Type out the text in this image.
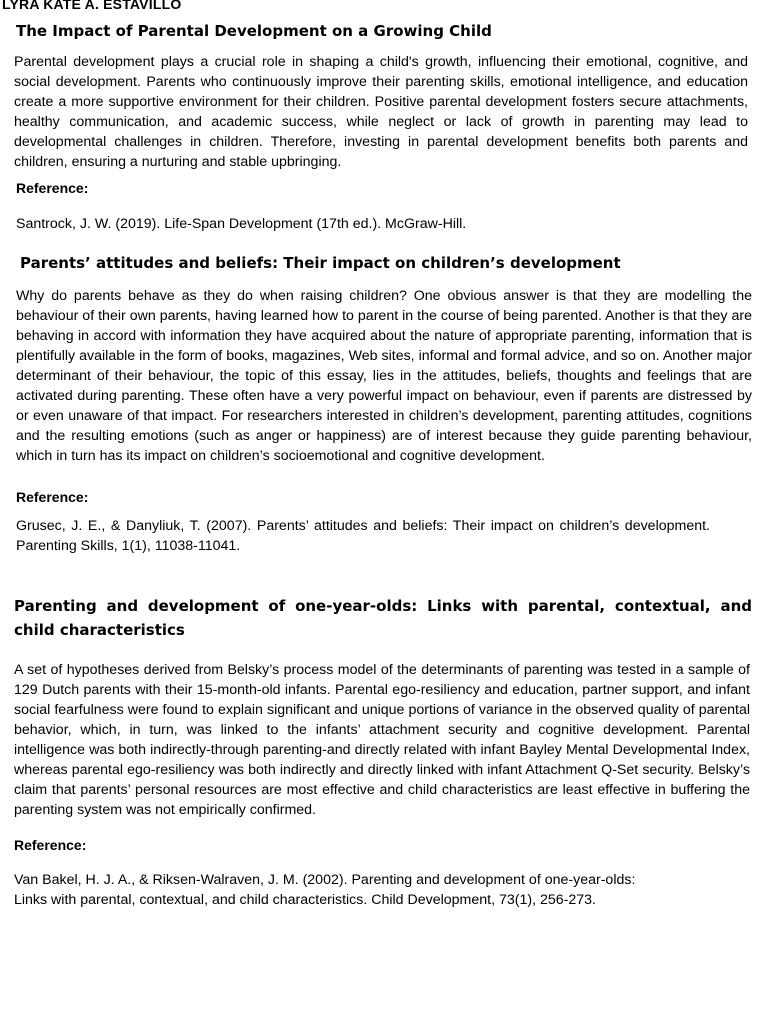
LYRA KATE A. ESTAVILLO
The Impact of Parental Development on a Growing Child

Parental development plays a crucial role in shaping a child's growth, influencing their emotional, cognitive, and social development. Parents who continuously improve their parenting skills, emotional intelligence, and education create a more supportive environment for their children. Positive parental development fosters secure attachments, healthy communication, and academic success, while neglect or lack of growth in parenting may lead to developmental challenges in children. Therefore, investing in parental development benefits both parents and children, ensuring a nurturing and stable upbringing.

Reference:

Santrock, J. W. (2019). Life-Span Development (17th ed.). McGraw-Hill.

Parents’ attitudes and beliefs: Their impact on children’s development

Why do parents behave as they do when raising children? One obvious answer is that they are modelling the behaviour of their own parents, having learned how to parent in the course of being parented. Another is that they are behaving in accord with information they have acquired about the nature of appropriate parenting, information that is plentifully available in the form of books, magazines, Web sites, informal and formal advice, and so on. Another major determinant of their behaviour, the topic of this essay, lies in the attitudes, beliefs, thoughts and feelings that are activated during parenting. These often have a very powerful impact on behaviour, even if parents are distressed by or even unaware of that impact. For researchers interested in children’s development, parenting attitudes, cognitions and the resulting emotions (such as anger or happiness) are of interest because they guide parenting behaviour, which in turn has its impact on children’s socioemotional and cognitive development.

Reference:

Grusec, J. E., & Danyliuk, T. (2007). Parents’ attitudes and beliefs: Their impact on children’s development. Parenting Skills, 1(1), 11038-11041.

Parenting and development of one-year-olds: Links with parental, contextual, and child characteristics

A set of hypotheses derived from Belsky’s process model of the determinants of parenting was tested in a sample of 129 Dutch parents with their 15-month-old infants. Parental ego-resiliency and education, partner support, and infant social fearfulness were found to explain significant and unique portions of variance in the observed quality of parental behavior, which, in turn, was linked to the infants’ attachment security and cognitive development. Parental intelligence was both indirectly-through parenting-and directly related with infant Bayley Mental Developmental Index, whereas parental ego-resiliency was both indirectly and directly linked with infant Attachment Q-Set security. Belsky’s claim that parents’ personal resources are most effective and child characteristics are least effective in buffering the parenting system was not empirically confirmed.

Reference:

Van Bakel, H. J. A., & Riksen-Walraven, J. M. (2002). Parenting and development of one-year-olds:
Links with parental, contextual, and child characteristics. Child Development, 73(1), 256-273.
